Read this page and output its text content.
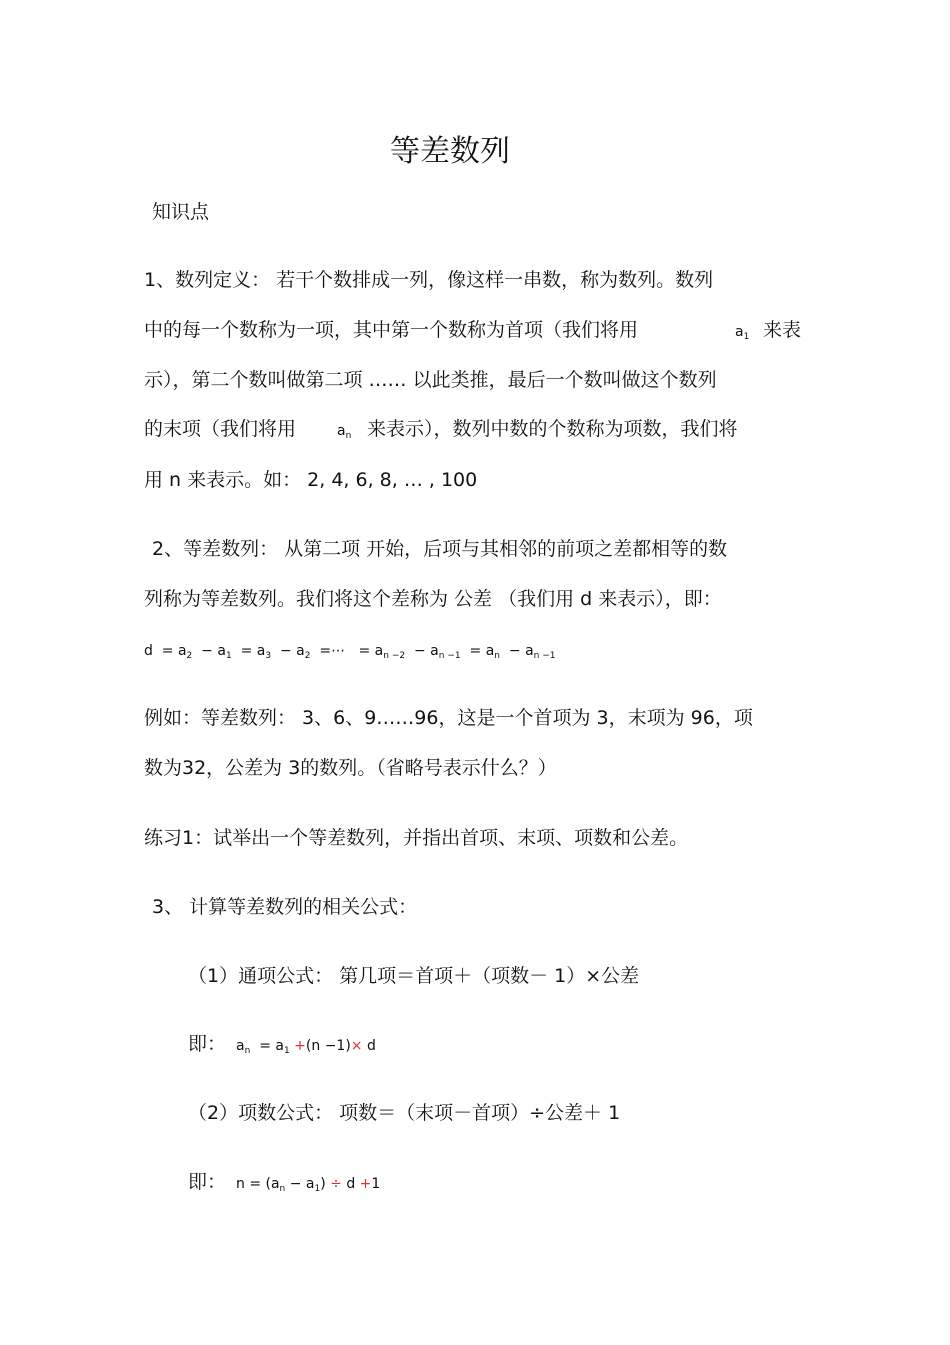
等差数列
知识点
1、数列定义： 若干个数排成一列，像这样一串数，称为数列。数列
中的每一个数称为一项，其中第一个数称为首项（我们将用	$a_1$ 来表
示），第二个数叫做第二项 …… 以此类推，最后一个数叫做这个数列
的末项（我们将用	$a_n$ 来表示），数列中数的个数称为项数，我们将
用 n 来表示。如： 2, 4, 6, 8, … , 100
2、等差数列： 从第二项 开始，后项与其相邻的前项之差都相等的数
列称为等差数列。我们将这个差称为 公差 （我们用 d 来表示），即：
$d = a_2 - a_1 = a_3 - a_2$  =⋯   = $a_{n -2} - a_{n -1} = a_n - a_{n -1}$
例如：等差数列： 3、6、9……96，这是一个首项为 3，末项为 96，项
数为32，公差为 3的数列。（省略号表示什么？）
练习1：试举出一个等差数列，并指出首项、末项、项数和公差。
3、 计算等差数列的相关公式：
（1）通项公式： 第几项＝首项＋（项数－ 1）×公差
即： $a_n = a_1 +(n -1)\times d$
（2）项数公式： 项数＝（末项－首项）÷公差＋ 1
即： $n = (a_n - a_1) \div d +1$
